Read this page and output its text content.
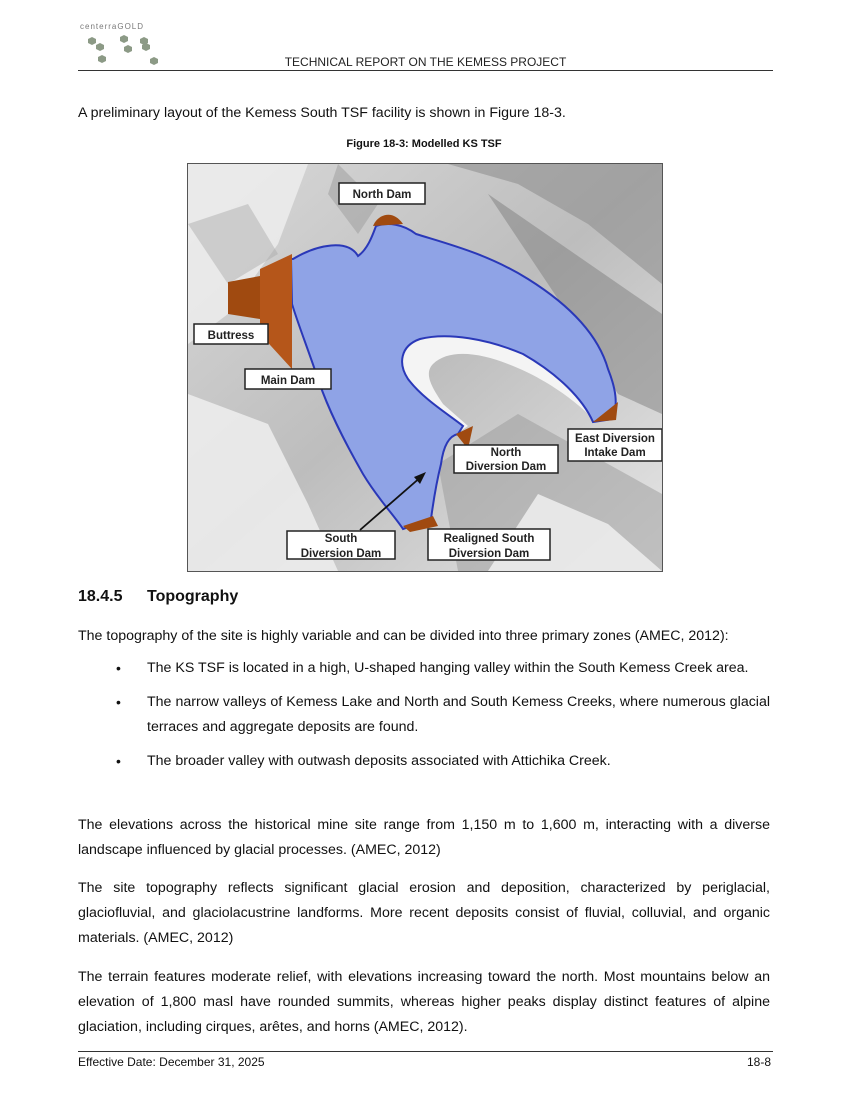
centerraGOLD
TECHNICAL REPORT ON THE KEMESS PROJECT
A preliminary layout of the Kemess South TSF facility is shown in Figure 18-3.
Figure 18-3: Modelled KS TSF
North Dam
Buttress
Main Dam
East Diversion
Intake Dam
North
Diversion Dam
South
Diversion Dam
Realigned South
Diversion Dam
18.4.5 Topography
The topography of the site is highly variable and can be divided into three primary zones (AMEC, 2012):
• The KS TSF is located in a high, U-shaped hanging valley within the South Kemess Creek area.
• The narrow valleys of Kemess Lake and North and South Kemess Creeks, where numerous glacial terraces and aggregate deposits are found.
• The broader valley with outwash deposits associated with Attichika Creek.
The elevations across the historical mine site range from 1,150 m to 1,600 m, interacting with a diverse landscape influenced by glacial processes. (AMEC, 2012)
The site topography reflects significant glacial erosion and deposition, characterized by periglacial, glaciofluvial, and glaciolacustrine landforms. More recent deposits consist of fluvial, colluvial, and organic materials. (AMEC, 2012)
The terrain features moderate relief, with elevations increasing toward the north. Most mountains below an elevation of 1,800 masl have rounded summits, whereas higher peaks display distinct features of alpine glaciation, including cirques, arêtes, and horns (AMEC, 2012).
Effective Date: December 31, 2025	18-8
